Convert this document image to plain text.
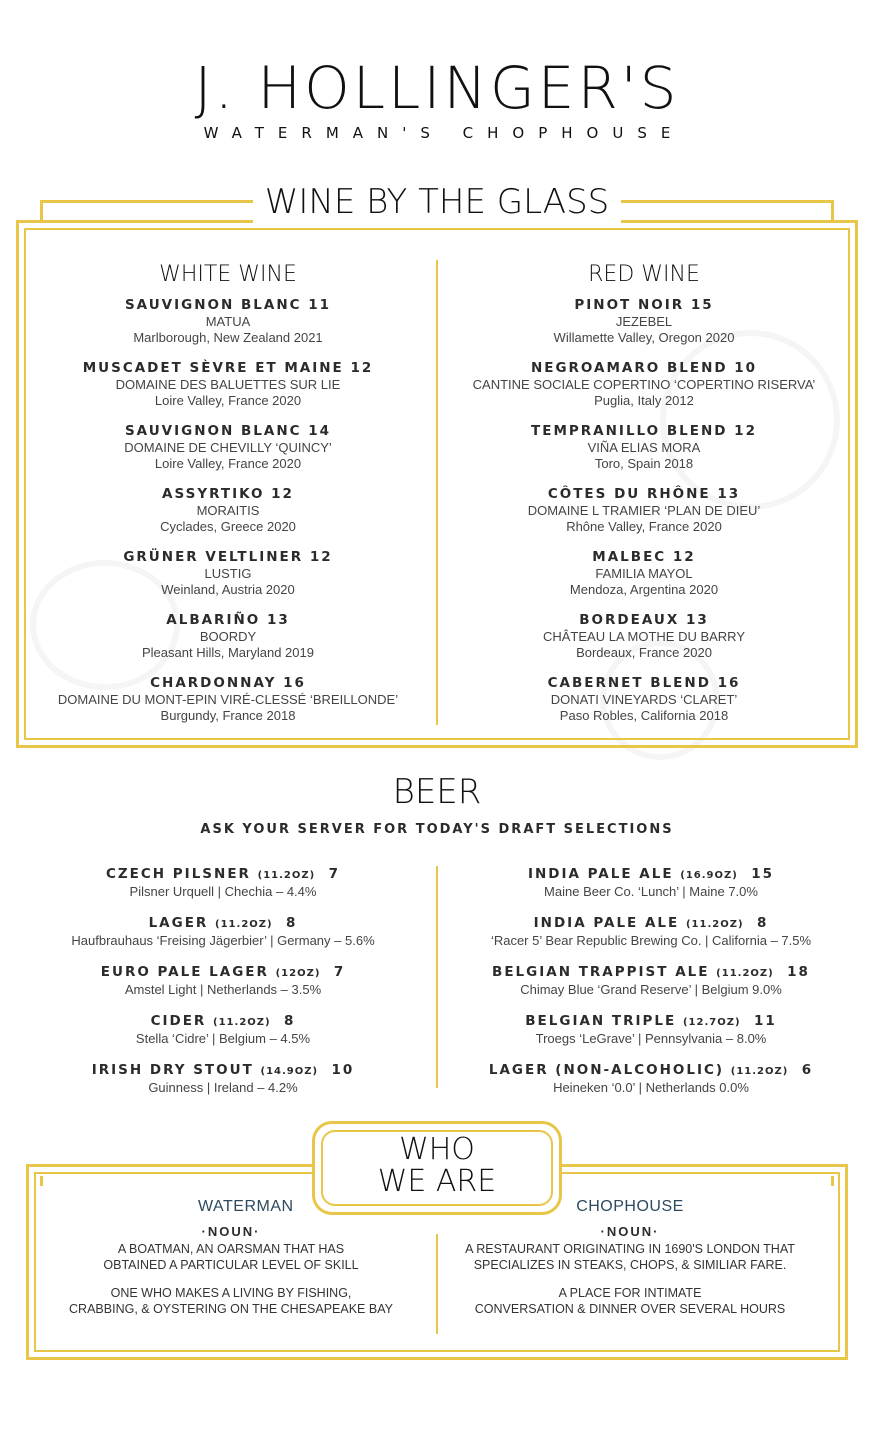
J. HOLLINGER'S
WATERMAN'S CHOPHOUSE
WINE BY THE GLASS
WHITE WINE
SAUVIGNON BLANC 11
MATUA
Marlborough, New Zealand 2021
MUSCADET SÈVRE ET MAINE 12
DOMAINE DES BALUETTES SUR LIE
Loire Valley, France 2020
SAUVIGNON BLANC 14
DOMAINE DE CHEVILLY ‘QUINCY’
Loire Valley, France 2020
ASSYRTIKO 12
MORAITIS
Cyclades, Greece 2020
GRÜNER VELTLINER 12
LUSTIG
Weinland, Austria 2020
ALBARIÑO 13
BOORDY
Pleasant Hills, Maryland 2019
CHARDONNAY 16
DOMAINE DU MONT-EPIN VIRÉ-CLESSÉ ‘BREILLONDE’
Burgundy, France 2018
RED WINE
PINOT NOIR 15
JEZEBEL
Willamette Valley, Oregon 2020
NEGROAMARO BLEND 10
CANTINE SOCIALE COPERTINO ‘COPERTINO RISERVA’
Puglia, Italy 2012
TEMPRANILLO BLEND 12
VIÑA ELIAS MORA
Toro, Spain 2018
CÔTES DU RHÔNE 13
DOMAINE L TRAMIER ‘PLAN DE DIEU’
Rhône Valley, France 2020
MALBEC 12
FAMILIA MAYOL
Mendoza, Argentina 2020
BORDEAUX 13
CHÂTEAU LA MOTHE DU BARRY
Bordeaux, France 2020
CABERNET BLEND 16
DONATI VINEYARDS ‘CLARET’
Paso Robles, California 2018
BEER
ASK YOUR SERVER FOR TODAY'S DRAFT SELECTIONS
CZECH PILSNER (11.2OZ) 7
Pilsner Urquell | Chechia – 4.4%
LAGER (11.2OZ) 8
Haufbrauhaus ‘Freising Jägerbier’ | Germany – 5.6%
EURO PALE LAGER (12OZ) 7
Amstel Light | Netherlands – 3.5%
CIDER (11.2OZ) 8
Stella ‘Cidre’ | Belgium – 4.5%
IRISH DRY STOUT (14.9OZ) 10
Guinness | Ireland – 4.2%
INDIA PALE ALE (16.9OZ) 15
Maine Beer Co. ‘Lunch’ | Maine 7.0%
INDIA PALE ALE (11.2OZ) 8
‘Racer 5’ Bear Republic Brewing Co. | California – 7.5%
BELGIAN TRAPPIST ALE (11.2OZ) 18
Chimay Blue ‘Grand Reserve’ | Belgium 9.0%
BELGIAN TRIPLE (12.7OZ) 11
Troegs ‘LeGrave’ | Pennsylvania – 8.0%
LAGER (NON-ALCOHOLIC) (11.2OZ) 6
Heineken ‘0.0’ | Netherlands 0.0%
WHO
WE ARE
WATERMAN
·NOUN·
A BOATMAN, AN OARSMAN THAT HAS
OBTAINED A PARTICULAR LEVEL OF SKILL
ONE WHO MAKES A LIVING BY FISHING,
CRABBING, & OYSTERING ON THE CHESAPEAKE BAY
CHOPHOUSE
·NOUN·
A RESTAURANT ORIGINATING IN 1690'S LONDON THAT
SPECIALIZES IN STEAKS, CHOPS, & SIMILIAR FARE.
A PLACE FOR INTIMATE
CONVERSATION & DINNER OVER SEVERAL HOURS
